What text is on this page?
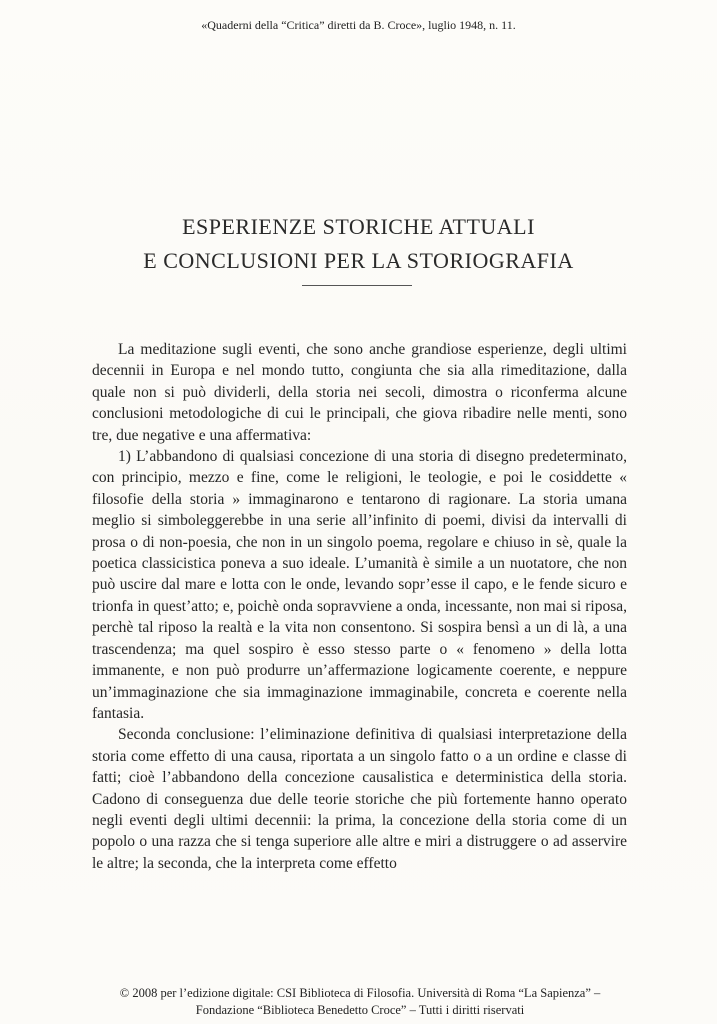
«Quaderni della “Critica” diretti da B. Croce», luglio 1948, n. 11.
ESPERIENZE STORICHE ATTUALI
E CONCLUSIONI PER LA STORIOGRAFIA

La meditazione sugli eventi, che sono anche grandiose esperienze, degli ultimi decennii in Europa e nel mondo tutto, congiunta che sia alla rimeditazione, dalla quale non si può dividerli, della storia nei secoli, dimostra o riconferma alcune conclusioni metodologiche di cui le principali, che giova ribadire nelle menti, sono tre, due negative e una affermativa:

1) L’abbandono di qualsiasi concezione di una storia di disegno predeterminato, con principio, mezzo e fine, come le religioni, le teologie, e poi le cosiddette « filosofie della storia » immaginarono e tentarono di ragionare. La storia umana meglio si simboleggerebbe in una serie all’infinito di poemi, divisi da intervalli di prosa o di non-poesia, che non in un singolo poema, regolare e chiuso in sè, quale la poetica classicistica poneva a suo ideale. L’umanità è simile a un nuotatore, che non può uscire dal mare e lotta con le onde, levando sopr’esse il capo, e le fende sicuro e trionfa in quest’atto; e, poichè onda sopravviene a onda, incessante, non mai si riposa, perchè tal riposo la realtà e la vita non consentono. Si sospira bensì a un di là, a una trascendenza; ma quel sospiro è esso stesso parte o « fenomeno » della lotta immanente, e non può produrre un’affermazione logicamente coerente, e neppure un’immaginazione che sia immaginazione immaginabile, concreta e coerente nella fantasia.

Seconda conclusione: l’eliminazione definitiva di qualsiasi interpretazione della storia come effetto di una causa, riportata a un singolo fatto o a un ordine e classe di fatti; cioè l’abbandono della concezione causalistica e deterministica della storia. Cadono di conseguenza due delle teorie storiche che più fortemente hanno operato negli eventi degli ultimi decennii: la prima, la concezione della storia come di un popolo o una razza che si tenga superiore alle altre e miri a distruggere o ad asservire le altre; la seconda, che la interpreta come effetto

© 2008 per l’edizione digitale: CSI Biblioteca di Filosofia. Università di Roma “La Sapienza” –
Fondazione “Biblioteca Benedetto Croce” – Tutti i diritti riservati
